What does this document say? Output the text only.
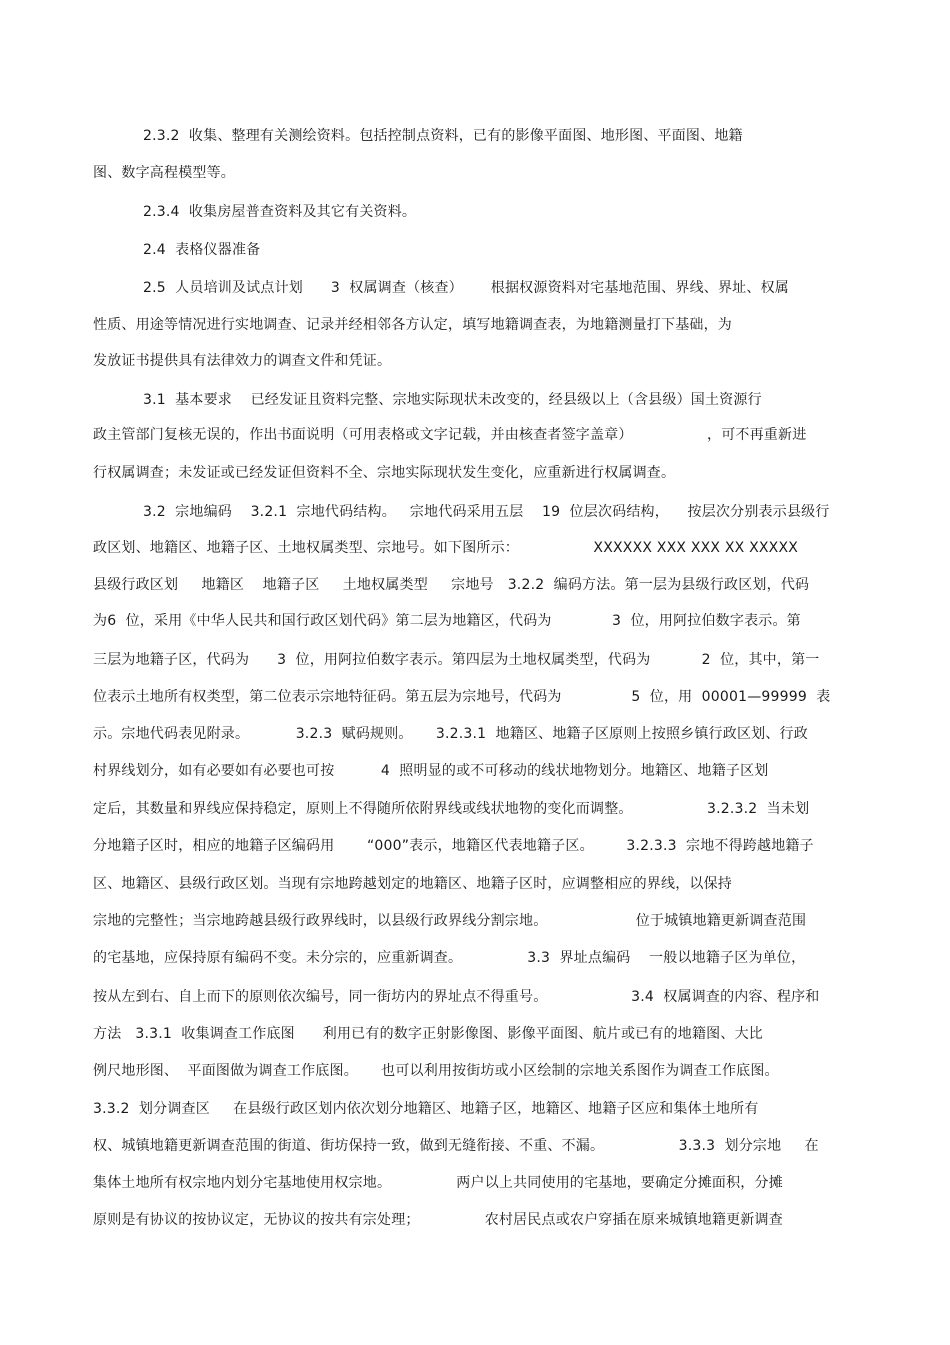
2.3.2  收集、整理有关测绘资料。包括控制点资料，已有的影像平面图、地形图、平面图、地籍
图、数字高程模型等。
2.3.4  收集房屋普查资料及其它有关资料。
2.4  表格仪器准备
2.5  人员培训及试点计划      3  权属调查（核查）      根据权源资料对宅基地范围、界线、界址、权属
性质、用途等情况进行实地调查、记录并经相邻各方认定，填写地籍调查表，为地籍测量打下基础，为
发放证书提供具有法律效力的调查文件和凭证。
3.1  基本要求    已经发证且资料完整、宗地实际现状未改变的，经县级以上（含县级）国土资源行
政主管部门复核无误的，作出书面说明（可用表格或文字记载，并由核查者签字盖章）                ，可不再重新进
行权属调查；未发证或已经发证但资料不全、宗地实际现状发生变化，应重新进行权属调查。
3.2  宗地编码    3.2.1  宗地代码结构。   宗地代码采用五层    19  位层次码结构，    按层次分别表示县级行
政区划、地籍区、地籍子区、土地权属类型、宗地号。如下图所示：                XXXXXX XXX XXX XX XXXXX
县级行政区划     地籍区    地籍子区     土地权属类型     宗地号   3.2.2  编码方法。第一层为县级行政区划，代码
为6  位，采用《中华人民共和国行政区划代码》第二层为地籍区，代码为             3  位，用阿拉伯数字表示。第
三层为地籍子区，代码为      3  位，用阿拉伯数字表示。第四层为土地权属类型，代码为           2  位，其中，第一
位表示土地所有权类型，第二位表示宗地特征码。第五层为宗地号，代码为               5  位，用  00001—99999  表
示。宗地代码表见附录。          3.2.3  赋码规则。     3.2.3.1  地籍区、地籍子区原则上按照乡镇行政区划、行政
村界线划分，如有必要如有必要也可按          4  照明显的或不可移动的线状地物划分。地籍区、地籍子区划
定后，其数量和界线应保持稳定，原则上不得随所依附界线或线状地物的变化而调整。                3.2.3.2  当未划
分地籍子区时，相应的地籍子区编码用       “000”表示，地籍区代表地籍子区。       3.2.3.3  宗地不得跨越地籍子
区、地籍区、县级行政区划。当现有宗地跨越划定的地籍区、地籍子区时，应调整相应的界线，以保持
宗地的完整性；当宗地跨越县级行政界线时，以县级行政界线分割宗地。                   位于城镇地籍更新调查范围
的宅基地，应保持原有编码不变。未分宗的，应重新调查。              3.3  界址点编码    一般以地籍子区为单位，
按从左到右、自上而下的原则依次编号，同一街坊内的界址点不得重号。                  3.4  权属调查的内容、程序和
方法   3.3.1  收集调查工作底图      利用已有的数字正射影像图、影像平面图、航片或已有的地籍图、大比
例尺地形图、  平面图做为调查工作底图。     也可以利用按街坊或小区绘制的宗地关系图作为调查工作底图。
3.3.2  划分调查区     在县级行政区划内依次划分地籍区、地籍子区，地籍区、地籍子区应和集体土地所有
权、城镇地籍更新调查范围的街道、街坊保持一致，做到无缝衔接、不重、不漏。                3.3.3  划分宗地     在
集体土地所有权宗地内划分宅基地使用权宗地。              两户以上共同使用的宅基地，要确定分摊面积，分摊
原则是有协议的按协议定，无协议的按共有宗处理；              农村居民点或农户穿插在原来城镇地籍更新调查
